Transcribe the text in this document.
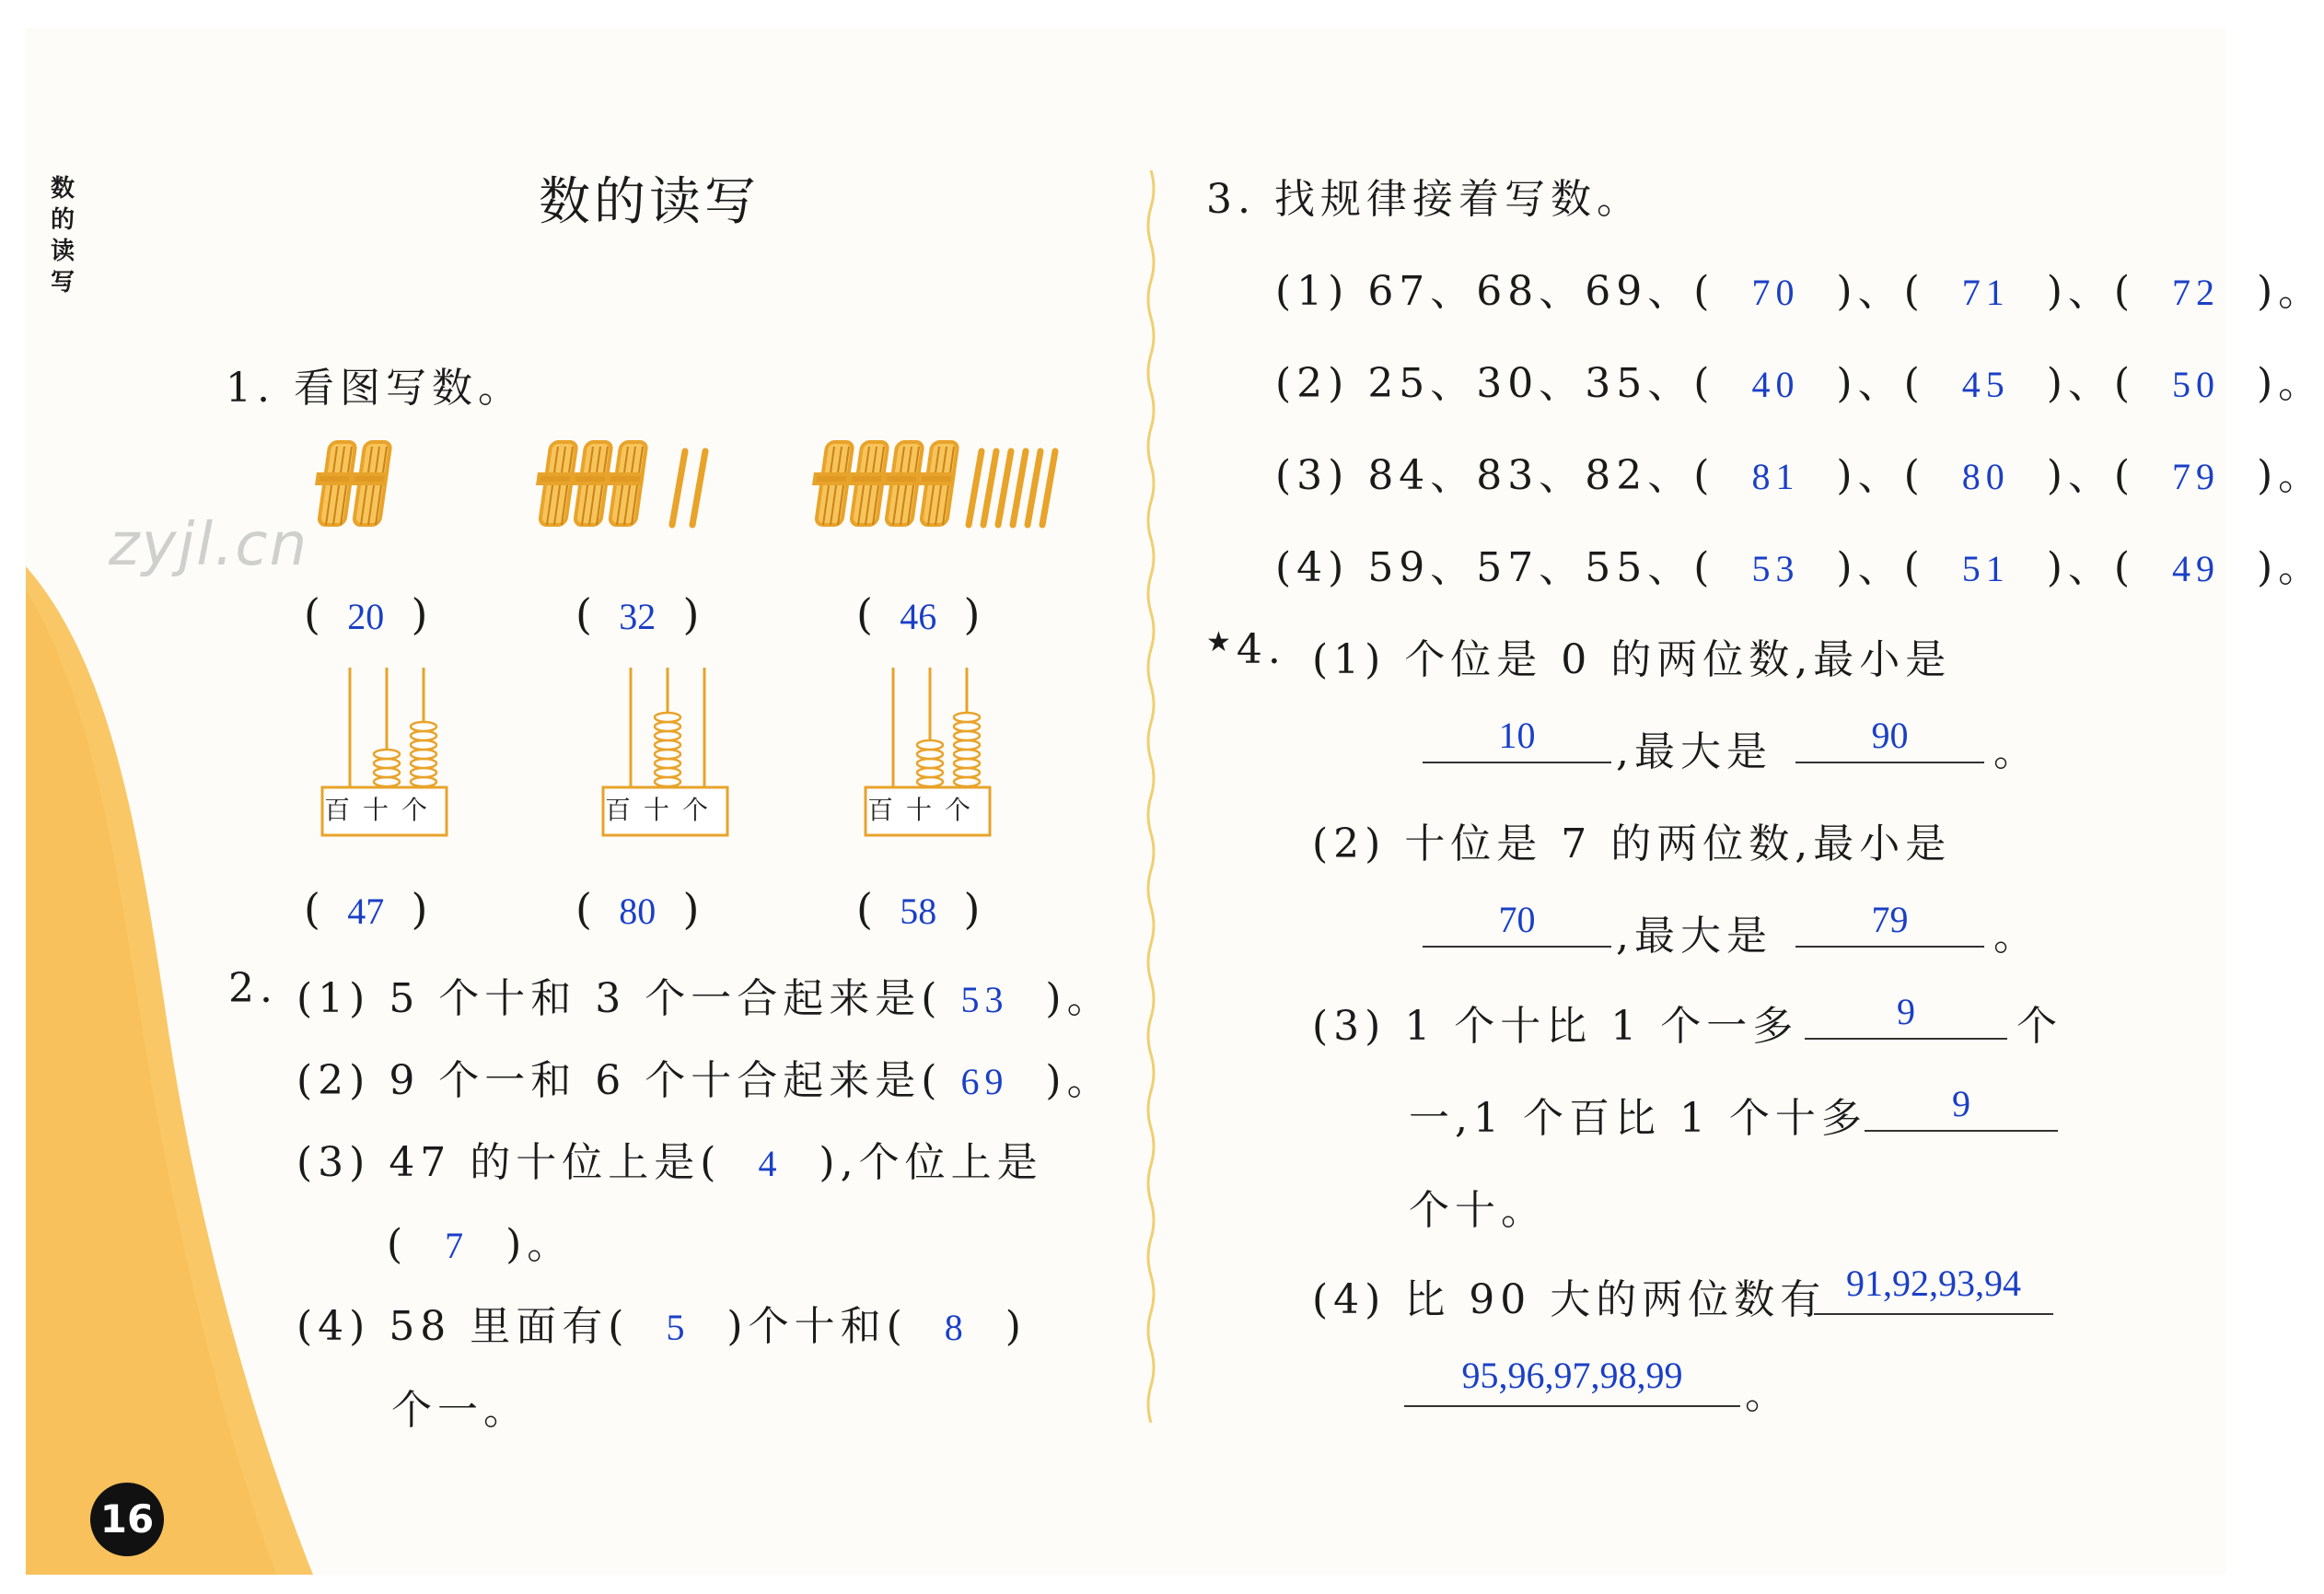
数的读写
数的读写
zyjl.cn
16
1. 看图写数。
(  20  )	(  32  )	(  46  )
百十个	百十个	百十个
(  47  )	(  80  )	(  58  )
2. (1) 5 个十和 3 个一合起来是( 53  )。
(2) 9 个一和 6 个十合起来是( 69  )。
(3) 47 的十位上是( 4 ),个位上是
(  7  )。
(4) 58 里面有( 5 )个十和( 8  )
个一。
3. 找规律接着写数。
(1) 67、68、69、( 70  )、( 71  )、( 72  )。
(2) 25、30、35、( 40  )、( 45  )、( 50  )。
(3) 84、83、82、( 81  )、( 80  )、( 79  )。
(4) 59、57、55、( 53  )、( 51  )、( 49  )。
★4. (1) 个位是 0 的两位数,最小是
10	,最大是	90	。
(2) 十位是 7 的两位数,最小是
70	,最大是	79	。
(3) 1 个十比 1 个一多	9	个
一,1 个百比 1 个十多	9
个十。
(4) 比 90 大的两位数有 91,92,93,94
95,96,97,98,99	。
